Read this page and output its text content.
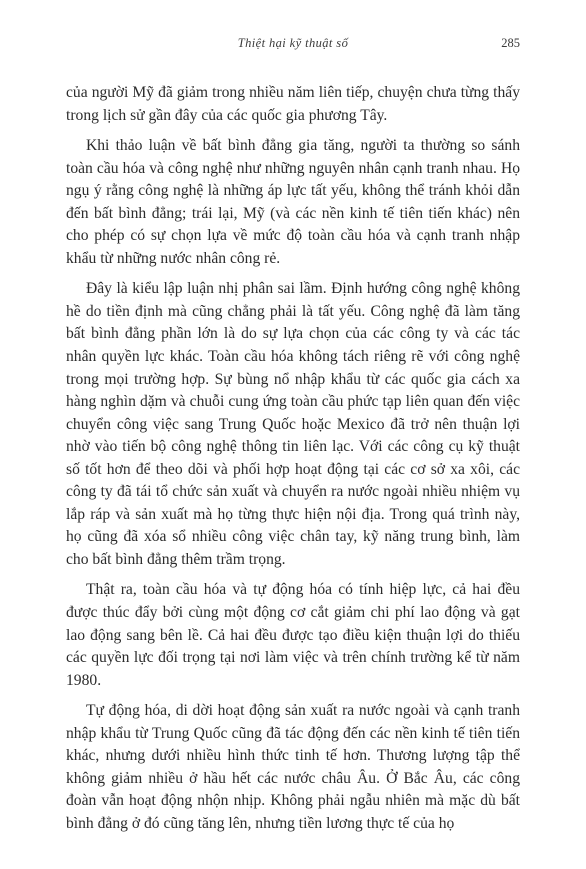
Thiệt hại kỹ thuật số	285

của người Mỹ đã giảm trong nhiều năm liên tiếp, chuyện chưa từng thấy trong lịch sử gần đây của các quốc gia phương Tây.

Khi thảo luận về bất bình đẳng gia tăng, người ta thường so sánh toàn cầu hóa và công nghệ như những nguyên nhân cạnh tranh nhau. Họ ngụ ý rằng công nghệ là những áp lực tất yếu, không thể tránh khỏi dẫn đến bất bình đẳng; trái lại, Mỹ (và các nền kinh tế tiên tiến khác) nên cho phép có sự chọn lựa về mức độ toàn cầu hóa và cạnh tranh nhập khẩu từ những nước nhân công rẻ.

Đây là kiểu lập luận nhị phân sai lầm. Định hướng công nghệ không hề do tiền định mà cũng chẳng phải là tất yếu. Công nghệ đã làm tăng bất bình đẳng phần lớn là do sự lựa chọn của các công ty và các tác nhân quyền lực khác. Toàn cầu hóa không tách riêng rẽ với công nghệ trong mọi trường hợp. Sự bùng nổ nhập khẩu từ các quốc gia cách xa hàng nghìn dặm và chuỗi cung ứng toàn cầu phức tạp liên quan đến việc chuyển công việc sang Trung Quốc hoặc Mexico đã trở nên thuận lợi nhờ vào tiến bộ công nghệ thông tin liên lạc. Với các công cụ kỹ thuật số tốt hơn để theo dõi và phối hợp hoạt động tại các cơ sở xa xôi, các công ty đã tái tổ chức sản xuất và chuyển ra nước ngoài nhiều nhiệm vụ lắp ráp và sản xuất mà họ từng thực hiện nội địa. Trong quá trình này, họ cũng đã xóa sổ nhiều công việc chân tay, kỹ năng trung bình, làm cho bất bình đẳng thêm trầm trọng.

Thật ra, toàn cầu hóa và tự động hóa có tính hiệp lực, cả hai đều được thúc đẩy bởi cùng một động cơ cắt giảm chi phí lao động và gạt lao động sang bên lề. Cả hai đều được tạo điều kiện thuận lợi do thiếu các quyền lực đối trọng tại nơi làm việc và trên chính trường kể từ năm 1980.

Tự động hóa, di dời hoạt động sản xuất ra nước ngoài và cạnh tranh nhập khẩu từ Trung Quốc cũng đã tác động đến các nền kinh tế tiên tiến khác, nhưng dưới nhiều hình thức tinh tế hơn. Thương lượng tập thể không giảm nhiều ở hầu hết các nước châu Âu. Ở Bắc Âu, các công đoàn vẫn hoạt động nhộn nhịp. Không phải ngẫu nhiên mà mặc dù bất bình đẳng ở đó cũng tăng lên, nhưng tiền lương thực tế của họ
